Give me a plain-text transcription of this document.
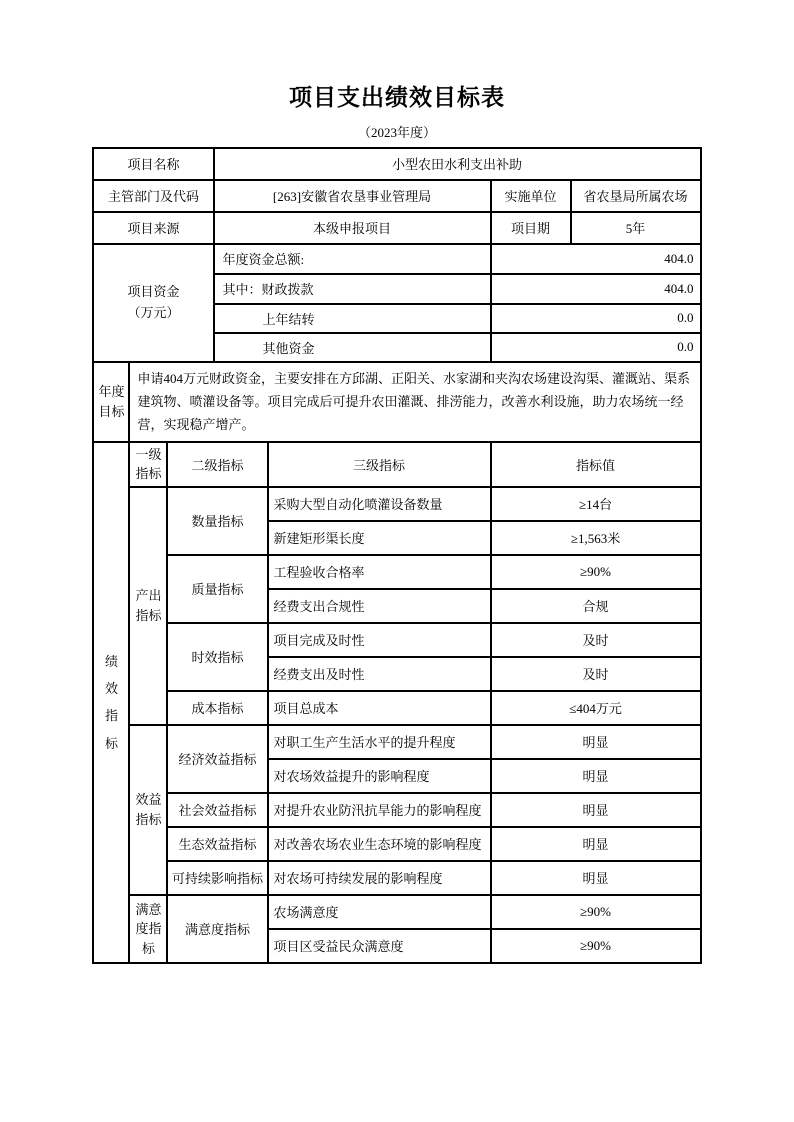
项目支出绩效目标表
（2023年度）
项目名称			小型农田水利支出补助			
主管部门及代码			[263]安徽省农垦事业管理局		实施单位	省农垦局所属农场
项目来源			本级申报项目		项目期	5年

项目资金
（万元）			年度资金总额:		404.0	
			其中：财政拨款		404.0	
			上年结转		0.0	
			其他资金		0.0	
年度目标	申请404万元财政资金，主要安排在方邱湖、正阳关、水家湖和夹沟农场建设沟渠、灌溉站、渠系建筑物、喷灌设备等。项目完成后可提升农田灌溉、排涝能力，改善水利设施，助力农场统一经营，实现稳产增产。					

绩效指标	一级指标	二级指标		三级指标	指标值	
	产出指标	数量指标		采购大型自动化喷灌设备数量	≥14台	
				新建矩形渠长度	≥1,563米	
		质量指标		工程验收合格率	≥90%	
				经费支出合规性	合规	
		时效指标		项目完成及时性	及时	
				经费支出及时性	及时	
		成本指标		项目总成本	≤404万元	
	效益指标	经济效益指标		对职工生产生活水平的提升程度	明显	
				对农场效益提升的影响程度	明显	
		社会效益指标		对提升农业防汛抗旱能力的影响程度	明显	
		生态效益指标		对改善农场农业生态环境的影响程度	明显	
		可持续影响指标		对农场可持续发展的影响程度	明显	
	满意度指标	满意度指标		农场满意度	≥90%	
				项目区受益民众满意度	≥90%	
